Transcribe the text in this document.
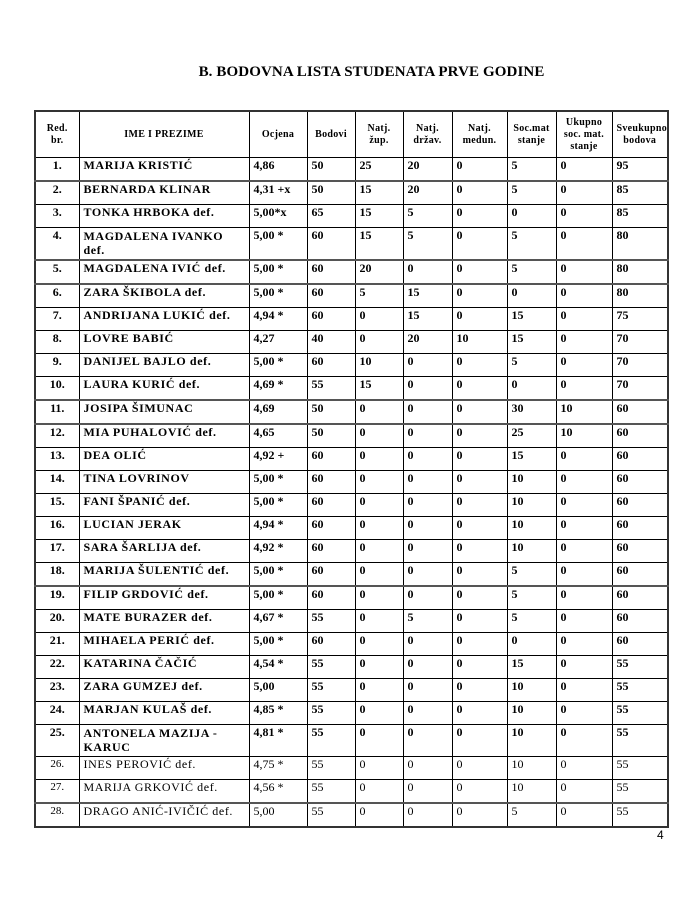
B. BODOVNA LISTA STUDENATA PRVE GODINE
Red. br.	IME I PREZIME	Ocjena	Bodovi	Natj. žup.	Natj. držav.	Natj. medun.	Soc.mat stanje	Ukupno soc. mat. stanje	Sveukupno bodova
1.	MARIJA KRISTIĆ	4,86	50	25	20	0	5	0	95
2.	BERNARDA KLINAR	4,31 +x	50	15	20	0	5	0	85
3.	TONKA HRBOKA def.	5,00*x	65	15	5	0	0	0	85
4.	MAGDALENA IVANKO def.	5,00 *	60	15	5	0	5	0	80
5.	MAGDALENA IVIĆ def.	5,00 *	60	20	0	0	5	0	80
6.	ZARA ŠKIBOLA def.	5,00 *	60	5	15	0	0	0	80
7.	ANDRIJANA LUKIĆ def.	4,94 *	60	0	15	0	15	0	75
8.	LOVRE BABIĆ	4,27	40	0	20	10	15	0	70
9.	DANIJEL BAJLO def.	5,00 *	60	10	0	0	5	0	70
10.	LAURA KURIĆ def.	4,69 *	55	15	0	0	0	0	70
11.	JOSIPA ŠIMUNAC	4,69	50	0	0	0	30	10	60
12.	MIA PUHALOVIĆ def.	4,65	50	0	0	0	25	10	60
13.	DEA OLIĆ	4,92 +	60	0	0	0	15	0	60
14.	TINA LOVRINOV	5,00 *	60	0	0	0	10	0	60
15.	FANI ŠPANIĆ def.	5,00 *	60	0	0	0	10	0	60
16.	LUCIAN JERAK	4,94 *	60	0	0	0	10	0	60
17.	SARA ŠARLIJA def.	4,92 *	60	0	0	0	10	0	60
18.	MARIJA ŠULENTIĆ def.	5,00 *	60	0	0	0	5	0	60
19.	FILIP GRDOVIĆ def.	5,00 *	60	0	0	0	5	0	60
20.	MATE BURAZER def.	4,67 *	55	0	5	0	5	0	60
21.	MIHAELA PERIĆ def.	5,00 *	60	0	0	0	0	0	60
22.	KATARINA ČAČIĆ	4,54 *	55	0	0	0	15	0	55
23.	ZARA GUMZEJ def.	5,00	55	0	0	0	10	0	55
24.	MARJAN KULAŠ def.	4,85 *	55	0	0	0	10	0	55
25.	ANTONELA MAZIJA - KARUC	4,81 *	55	0	0	0	10	0	55
26.	INES PEROVIĆ def.	4,75 *	55	0	0	0	10	0	55
27.	MARIJA GRKOVIĆ def.	4,56 *	55	0	0	0	10	0	55
28.	DRAGO ANIĆ-IVIČIĆ def.	5,00	55	0	0	0	5	0	55
4
